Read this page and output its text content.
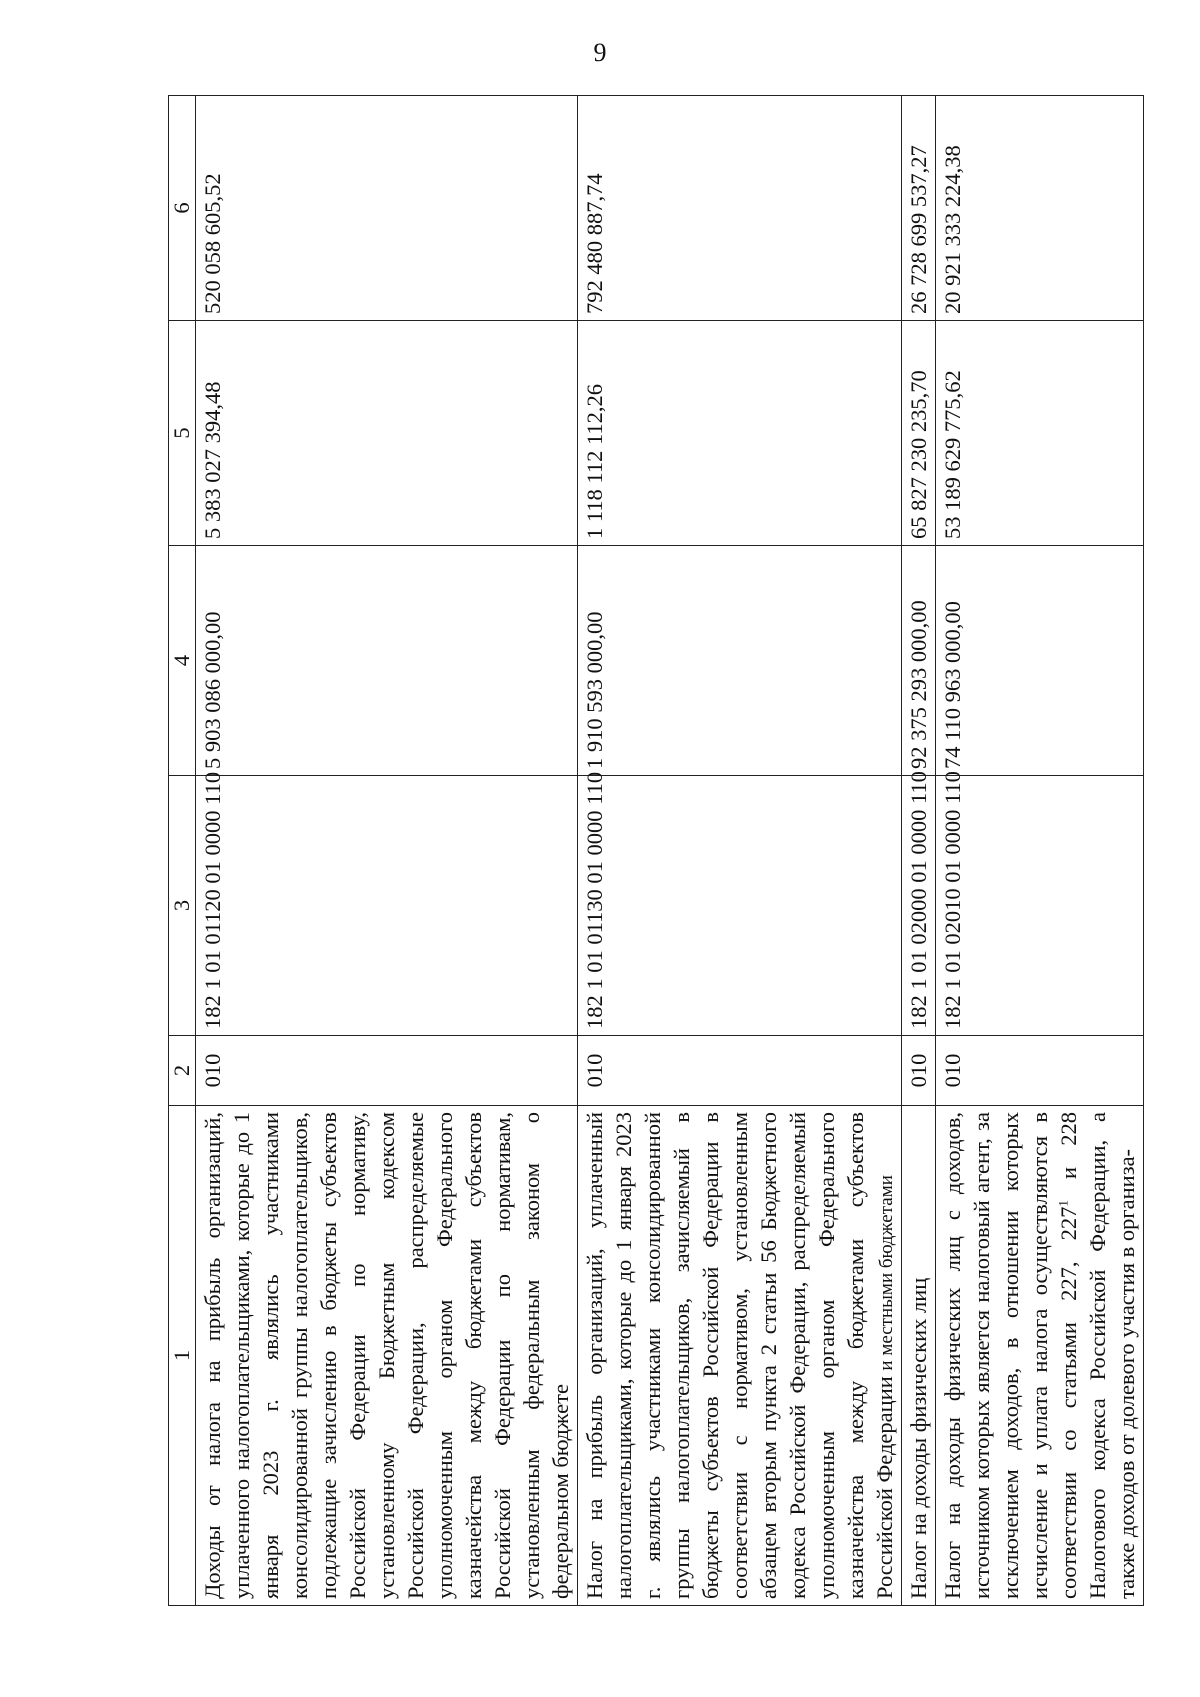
9
1	2	3	4	5	6
Доходы от налога на прибыль организаций, уплаченного налогоплательщиками, которые до 1 января 2023 г. являлись участниками консолидированной группы налогоплательщиков, подлежащие зачислению в бюджеты субъектов Российской Федерации по нормативу, установленному Бюджетным кодексом Российской Федерации, распределяемые уполномоченным органом Федерального казначейства между бюджетами субъектов Российской Федерации по нормативам, установленным федеральным законом о федеральном бюджете	010	182 1 01 01120 01 0000 110	5 903 086 000,00	5 383 027 394,48	520 058 605,52
Налог на прибыль организаций, уплаченный налогоплательщиками, которые до 1 января 2023 г. являлись участниками консолидированной группы налогоплательщиков, зачисляемый в бюджеты субъектов Российской Федерации в соответствии с нормативом, установленным абзацем вторым пункта 2 статьи 56 Бюджетного кодекса Российской Федерации, распределяемый уполномоченным органом Федерального казначейства между бюджетами субъектов Российской Федерации и местными бюджетами	010	182 1 01 01130 01 0000 110	1 910 593 000,00	1 118 112 112,26	792 480 887,74
Налог на доходы физических лиц	010	182 1 01 02000 01 0000 110	92 375 293 000,00	65 827 230 235,70	26 728 699 537,27
Налог на доходы физических лиц с доходов, источником которых является налоговый агент, за исключением доходов, в отношении которых исчисление и уплата налога осуществляются в соответствии со статьями 227, $227^1$ и 228 Налогового кодекса Российской Федерации, а также доходов от долевого участия в организа-	010	182 1 01 02010 01 0000 110	74 110 963 000,00	53 189 629 775,62	20 921 333 224,38
